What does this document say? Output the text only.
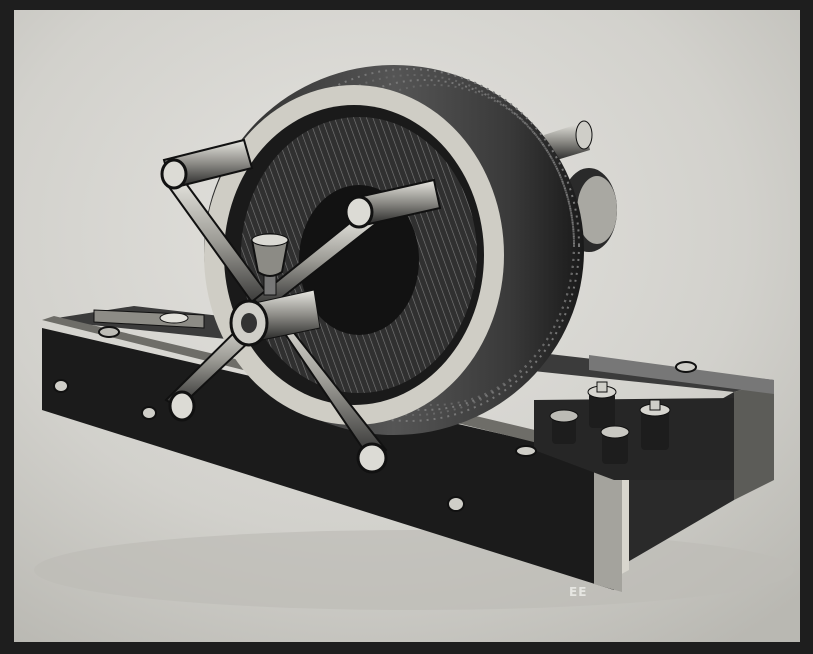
EE
